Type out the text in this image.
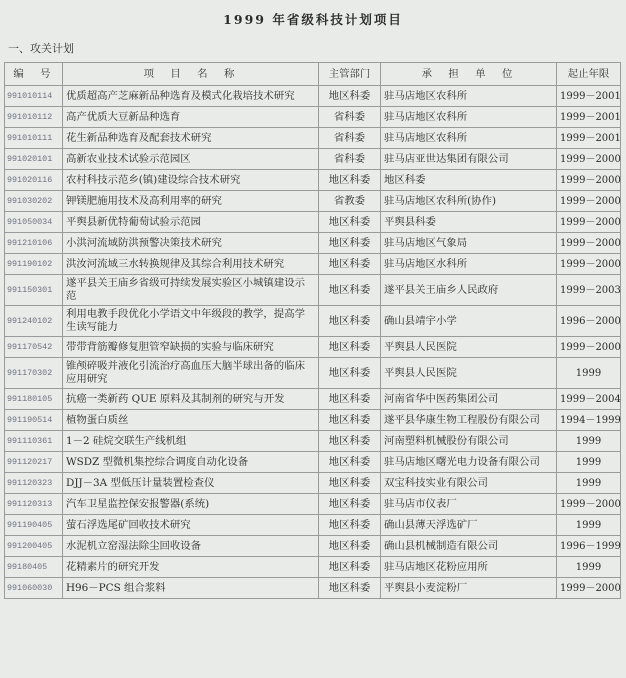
1999 年省级科技计划项目
一、攻关计划
编　号	项　目　名　称	主管部门	承　担　单　位	起止年限
991010114	优质超高产芝麻新品种选育及模式化栽培技术研究	地区科委	驻马店地区农科所	1999－2001
991010112	高产优质大豆新品种选育	省科委	驻马店地区农科所	1999－2001
991010111	花生新品种选育及配套技术研究	省科委	驻马店地区农科所	1999－2001
991020101	高新农业技术试验示范园区	省科委	驻马店亚世达集团有限公司	1999－2000
991020116	农村科技示范乡(镇)建设综合技术研究	地区科委	地区科委	1999－2000
991030202	钾镁肥施用技术及高利用率的研究	省教委	驻马店地区农科所(协作)	1999－2000
991050034	平舆县新优特葡萄试验示范园	地区科委	平舆县科委	1999－2000
991210106	小洪河流域防洪预警决策技术研究	地区科委	驻马店地区气象局	1999－2000
991190102	洪汝河流域三水转换规律及其综合利用技术研究	地区科委	驻马店地区水科所	1999－2000
991150301	遂平县关王庙乡省级可持续发展实验区小城镇建设示范	地区科委	遂平县关王庙乡人民政府	1999－2003
991240102	利用电教手段优化小学语文中年级段的教学，提高学生读写能力	地区科委	确山县靖宇小学	1996－2000
991170542	带带背筋瓣修复胆管窄缺损的实验与临床研究	地区科委	平舆县人民医院	1999－2000
991170302	锥颅碎吸并液化引流治疗高血压大脑半球出备的临床应用研究	地区科委	平舆县人民医院	1999
991180105	抗癌一类新药 QUE 原料及其制剂的研究与开发	地区科委	河南省华中医药集团公司	1999－2004
991190514	植物蛋白质丝	地区科委	遂平县华康生物工程股份有限公司	1994－1999
991110361	1－2 硅烷交联生产线机组	地区科委	河南塑料机械股份有限公司	1999
991120217	WSDZ 型微机集控综合调度自动化设备	地区科委	驻马店地区曙光电力设备有限公司	1999
991120323	DJJ－3A 型低压计量装置检查仪	地区科委	双宝科技实业有限公司	1999
991120313	汽车卫星监控保安报警器(系统)	地区科委	驻马店市仪表厂	1999－2000
991190405	萤石浮选尾矿回收技术研究	地区科委	确山县薄天浮选矿厂	1999
991200405	水泥机立窑湿法除尘回收设备	地区科委	确山县机械制造有限公司	1996－1999
99180405	花精素片的研究开发	地区科委	驻马店地区花粉应用所	1999
991060030	H96－PCS 组合浆料	地区科委	平舆县小麦淀粉厂	1999－2000
